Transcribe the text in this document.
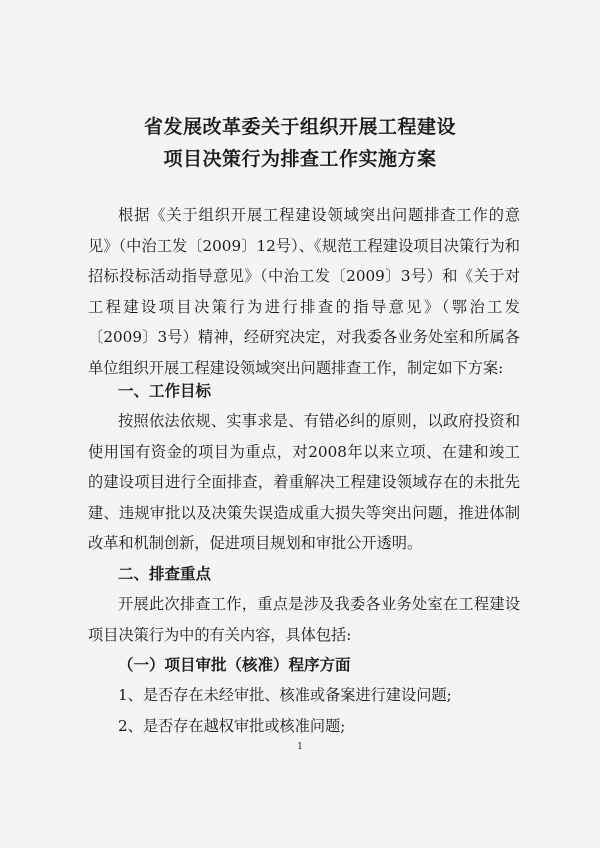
省发展改革委关于组织开展工程建设
项目决策行为排查工作实施方案

根据《关于组织开展工程建设领域突出问题排查工作的意见》（中治工发〔2009〕12号）、《规范工程建设项目决策行为和招标投标活动指导意见》（中治工发〔2009〕3号）和《关于对工程建设项目决策行为进行排查的指导意见》（鄂治工发〔2009〕3号）精神，经研究决定，对我委各业务处室和所属各单位组织开展工程建设领域突出问题排查工作，制定如下方案:

一、工作目标

按照依法依规、实事求是、有错必纠的原则，以政府投资和使用国有资金的项目为重点，对2008年以来立项、在建和竣工的建设项目进行全面排查，着重解决工程建设领域存在的未批先建、违规审批以及决策失误造成重大损失等突出问题，推进体制改革和机制创新，促进项目规划和审批公开透明。

二、排查重点

开展此次排查工作，重点是涉及我委各业务处室在工程建设项目决策行为中的有关内容，具体包括:

（一）项目审批（核准）程序方面

1、是否存在未经审批、核准或备案进行建设问题;

2、是否存在越权审批或核准问题;

1
